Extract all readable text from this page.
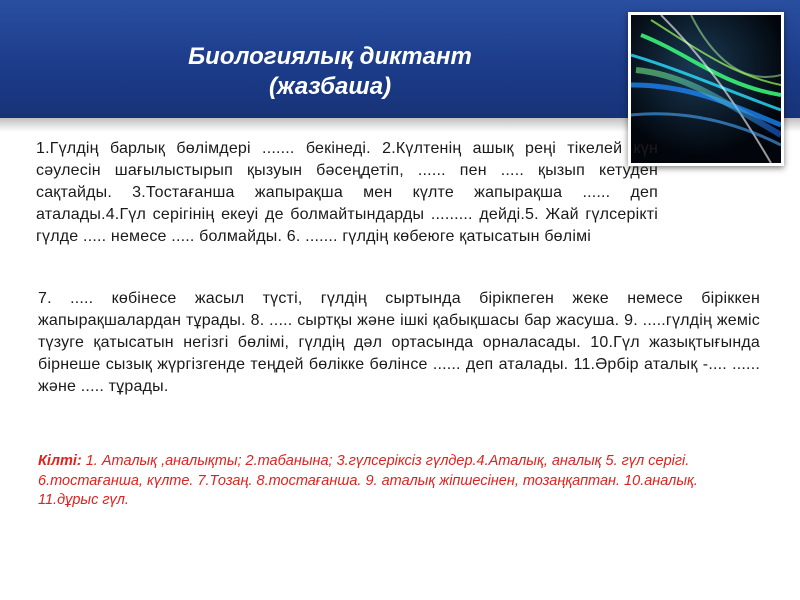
Биологиялық диктант
(жазбаша)
1.Гүлдің барлық бөлімдері ....... бекінеді. 2.Күлтенің ашық реңі тікелей күн сәулесін шағылыстырып қызуын бәсеңдетіп, ...... пен ..... қызып кетуден сақтайды. 3.Тостағанша жапырақша мен күлте жапырақша ...... деп аталады.4.Гүл серігінің екеуі де болмайтындарды ......... дейді.5. Жай гүлсерікті гүлде ..... немесе ..... болмайды. 6. ....... гүлдің көбеюге қатысатын бөлімі
7. ..... көбінесе жасыл түсті, гүлдің сыртында бірікпеген жеке немесе біріккен жапырақшалардан тұрады. 8. ..... сыртқы және ішкі қабықшасы бар жасуша. 9. .....гүлдің жеміс түзуге қатысатын негізгі бөлімі, гүлдің дәл ортасында орналасады. 10.Гүл жазықтығында бірнеше сызық жүргізгенде теңдей бөлікке бөлінсе ...... деп аталады. 11.Әрбір аталық -.... ...... және ..... тұрады.
Кілті: 1. Аталық ,аналықты; 2.табанына; 3.гүлсеріксіз гүлдер.4.Аталық, аналық 5. гүл серігі. 6.тостағанша, күлте. 7.Тозаң. 8.тостағанша. 9. аталық жіпшесінен, тозаңқаптан. 10.аналық. 11.дұрыс гүл.
